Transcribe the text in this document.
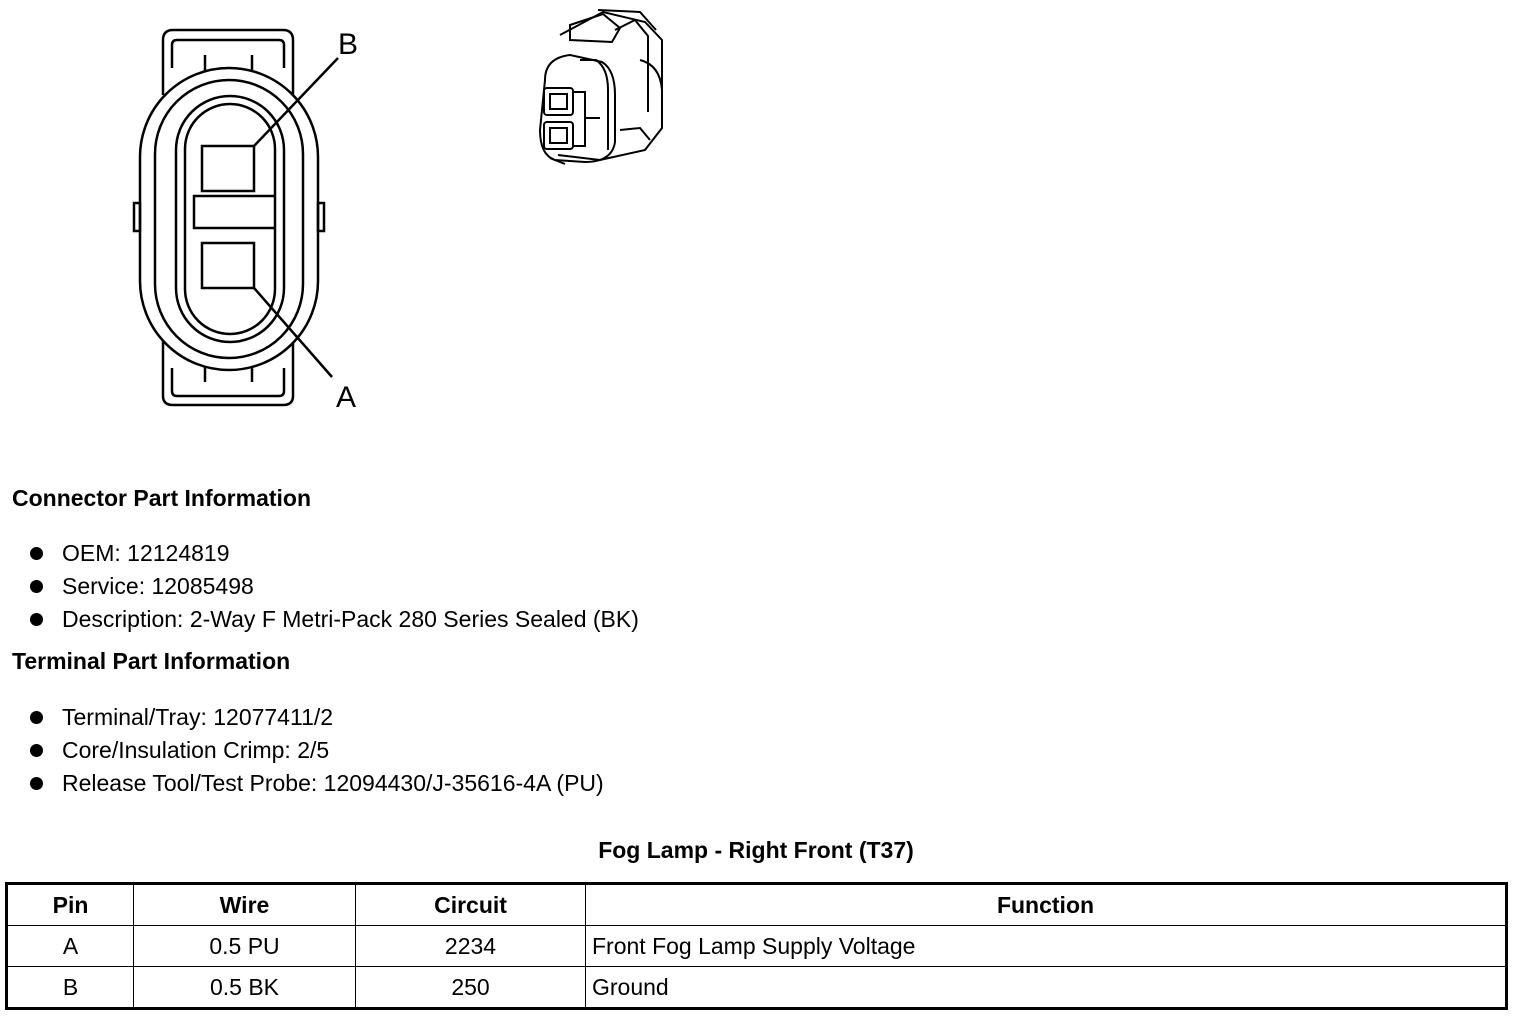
B
A
Connector Part Information
OEM: 12124819
Service: 12085498
Description: 2-Way F Metri-Pack 280 Series Sealed (BK)
Terminal Part Information
Terminal/Tray: 12077411/2
Core/Insulation Crimp: 2/5
Release Tool/Test Probe: 12094430/J-35616-4A (PU)
Fog Lamp - Right Front (T37)
Pin	Wire	Circuit	Function
A	0.5 PU	2234	Front Fog Lamp Supply Voltage
B	0.5 BK	250	Ground
